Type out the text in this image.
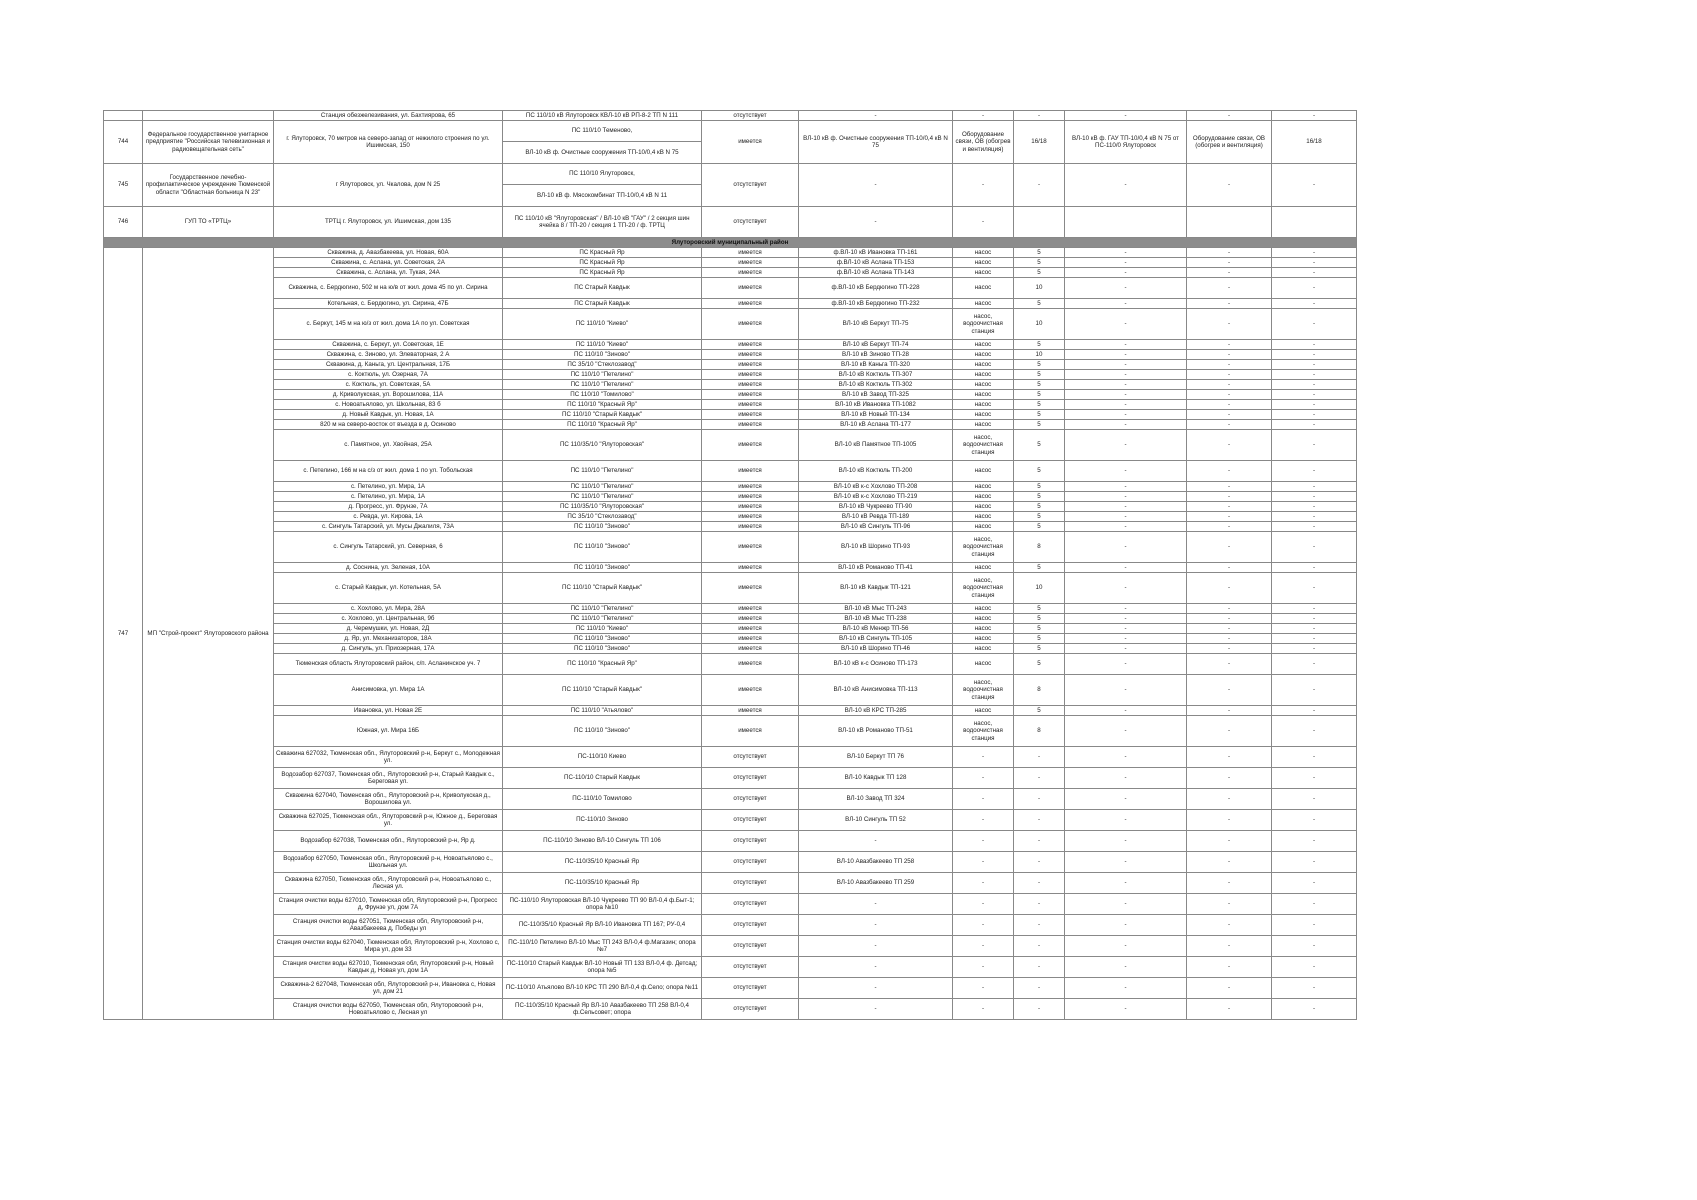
		Станция обезжелезивания, ул. Бахтиярова, 65	ПС 110/10 кВ Ялуторовск КВЛ-10 кВ РП-8-2 ТП N 111	отсутствует	-	-	-	-	-	-
744	Федеральное государственное унитарное предприятие "Российская телевизионная и радиовещательная сеть"	г. Ялуторовск, 70 метров на северо-запад от нежилого строения по ул. Ишимская, 150	ПС 110/10 Теменово,	имеется	ВЛ-10 кВ ф. Очистные сооружения ТП-10/0,4 кВ N 75	Оборудование связи, ОВ (обогрев и вентиляция)	16/18	ВЛ-10 кВ ф. ГАУ ТП-10/0,4 кВ N 75 от ПС-110/0 Ялуторовск	Оборудование связи, ОВ (обогрев и вентиляция)	16/18
			ВЛ-10 кВ ф. Очистные сооружения ТП-10/0,4 кВ N 75							
745	Государственное лечебно-профилактическое учреждение Тюменской области "Областная больница N 23"	г Ялуторовск, ул. Чкалова, дом N 25	ПС 110/10 Ялуторовск,	отсутствует	-	-	-	-	-	-
			ВЛ-10 кВ ф. Мясокомбинат ТП-10/0,4 кВ N 11							
746	ГУП ТО «ТРТЦ»	ТРТЦ г. Ялуторовск, ул. Ишимская, дом 135	ПС 110/10 кВ "Ялуторовская" / ВЛ-10 кВ "ГАУ" / 2 секция шин ячейка 8 / ТП-20 / секция 1 ТП-20 / ф. ТРТЦ	отсутствует	-	-				
Ялуторовский муниципальный район										
747	МП "Строй-проект" Ялуторовского района	Скважина, д. Авазбакеева, ул. Новая, 60А	ПС Красный Яр	имеется	ф.ВЛ-10 кВ Ивановка ТП-161	насос	5	-	-	-
		Скважина, с. Аслана, ул. Советская, 2А	ПС Красный Яр	имеется	ф.ВЛ-10 кВ Аслана ТП-153	насос	5	-	-	-
		Скважина, с. Аслана, ул. Тукая, 24А	ПС Красный Яр	имеется	ф.ВЛ-10 кВ Аслана ТП-143	насос	5	-	-	-
		Скважина, с. Бердюгино, 502 м на ю/в от жил. дома 45 по ул. Сирина	ПС Старый Кавдык	имеется	ф.ВЛ-10 кВ Бердюгино ТП-228	насос	10	-	-	-
		Котельная, с. Бердюгино, ул. Сирина, 47Б	ПС Старый Кавдык	имеется	ф.ВЛ-10 кВ Бердюгино ТП-232	насос	5	-	-	-
		с. Беркут, 145 м на ю/з от жил. дома 1А по ул. Советская	ПС 110/10 "Киево"	имеется	ВЛ-10 кВ Беркут ТП-75	насос, водоочистная станция	10	-	-	-
		Скважина, с. Беркут, ул. Советская, 1Е	ПС 110/10 "Киево"	имеется	ВЛ-10 кВ Беркут ТП-74	насос	5	-	-	-
		Скважина, с. Зиново, ул. Элеваторная, 2 А	ПС 110/10 "Зиново"	имеется	ВЛ-10 кВ Зиново ТП-28	насос	10	-	-	-
		Скважина, д. Каньга, ул. Центральная, 17Б	ПС 35/10 "Стеклозавод"	имеется	ВЛ-10 кВ Каньга ТП-320	насос	5	-	-	-
		с. Коктюль, ул. Озерная, 7А	ПС 110/10 "Петелино"	имеется	ВЛ-10 кВ Коктюль ТП-307	насос	5	-	-	-
		с. Коктюль, ул. Советская, 5А	ПС 110/10 "Петелино"	имеется	ВЛ-10 кВ Коктюль ТП-302	насос	5	-	-	-
		д. Криволукская, ул. Ворошилова, 11А	ПС 110/10 "Томилово"	имеется	ВЛ-10 кВ Завод ТП-325	насос	5	-	-	-
		с. Новоатьялово, ул. Школьная, 83 б	ПС 110/10 "Красный Яр"	имеется	ВЛ-10 кВ Ивановка ТП-1082	насос	5	-	-	-
		д. Новый Кавдык, ул. Новая, 1А	ПС 110/10 "Старый Кавдык"	имеется	ВЛ-10 кВ Новый ТП-134	насос	5	-	-	-
		820 м на северо-восток от въезда в д. Осиново	ПС 110/10 "Красный Яр"	имеется	ВЛ-10 кВ Аслана ТП-177	насос	5	-	-	-
		с. Памятное, ул. Хвойная, 25А	ПС 110/35/10 "Ялуторовская"	имеется	ВЛ-10 кВ Памятное ТП-1005	насос, водоочистная станция	5	-	-	-
		с. Петелино, 166 м на с/з от жил. дома 1 по ул. Тобольская	ПС 110/10 "Петелино"	имеется	ВЛ-10 кВ Коктюль ТП-200	насос	5	-	-	-
		с. Петелино, ул. Мира, 1А	ПС 110/10 "Петелино"	имеется	ВЛ-10 кВ к-с Хохлово ТП-208	насос	5	-	-	-
		с. Петелино, ул. Мира, 1А	ПС 110/10 "Петелино"	имеется	ВЛ-10 кВ к-с Хохлово ТП-219	насос	5	-	-	-
		д. Прогресс, ул. Фрунзе, 7А	ПС 110/35/10 "Ялуторовская"	имеется	ВЛ-10 кВ Чукреево ТП-90	насос	5	-	-	-
		с. Ревда, ул. Кирова, 1А	ПС 35/10 "Стеклозавод"	имеется	ВЛ-10 кВ Ревда ТП-189	насос	5	-	-	-
		с. Сингуль Татарский, ул. Мусы Джалиля, 73А	ПС 110/10 "Зиново"	имеется	ВЛ-10 кВ Сингуль ТП-96	насос	5	-	-	-
		с. Сингуль Татарский, ул. Северная, 6	ПС 110/10 "Зиново"	имеется	ВЛ-10 кВ Шорино ТП-93	насос, водоочистная станция	8	-	-	-
		д. Соснина, ул. Зеленая, 10А	ПС 110/10 "Зиново"	имеется	ВЛ-10 кВ Романово ТП-41	насос	5	-	-	-
		с. Старый Кавдык, ул. Котельная, 5А	ПС 110/10 "Старый Кавдык"	имеется	ВЛ-10 кВ Кавдык ТП-121	насос, водоочистная станция	10	-	-	-
		с. Хохлово, ул. Мира, 28А	ПС 110/10 "Петелино"	имеется	ВЛ-10 кВ Мыс ТП-243	насос	5	-	-	-
		с. Хохлово, ул. Центральная, 9б	ПС 110/10 "Петелино"	имеется	ВЛ-10 кВ Мыс ТП-238	насос	5	-	-	-
		д. Черемушки, ул. Новая, 2Д	ПС 110/10 "Киево"	имеется	ВЛ-10 кВ Менжр ТП-56	насос	5	-	-	-
		д. Яр, ул. Механизаторов, 18А	ПС 110/10 "Зиново"	имеется	ВЛ-10 кВ Сингуль ТП-105	насос	5	-	-	-
		д. Сингуль, ул. Приозерная, 17А	ПС 110/10 "Зиново"	имеется	ВЛ-10 кВ Шорино ТП-46	насос	5	-	-	-
		Тюменская область Ялуторовский район, с/п. Асланинское уч. 7	ПС 110/10 "Красный Яр"	имеется	ВЛ-10 кВ к-с Осиново ТП-173	насос	5	-	-	-
		Анисимовка, ул. Мира 1А	ПС 110/10 "Старый Кавдык"	имеется	ВЛ-10 кВ Анисимовка ТП-113	насос, водоочистная станция	8	-	-	-
		Ивановка, ул. Новая 2Е	ПС 110/10 "Атьялово"	имеется	ВЛ-10 кВ КРС ТП-285	насос	5	-	-	-
		Южная, ул. Мира 16Б	ПС 110/10 "Зиново"	имеется	ВЛ-10 кВ Романово ТП-51	насос, водоочистная станция	8	-	-	-
		Скважина 627032, Тюменская обл., Ялуторовский р-н, Беркут с., Молодежная ул.	ПС-110/10 Киево	отсутствует	ВЛ-10 Беркут ТП 76	-	-	-	-	-
		Водозабор 627037, Тюменская обл., Ялуторовский р-н, Старый Кавдык с., Береговая ул.	ПС-110/10 Старый Кавдык	отсутствует	ВЛ-10 Кавдык ТП 128	-	-	-	-	-
		Скважина 627040, Тюменская обл., Ялуторовский р-н, Криволукская д., Ворошилова ул.	ПС-110/10 Томилово	отсутствует	ВЛ-10 Завод ТП 324	-	-	-	-	-
		Скважина 627025, Тюменская обл., Ялуторовский р-н, Южное д., Береговая ул.	ПС-110/10 Зиново	отсутствует	ВЛ-10 Сингуль ТП 52	-	-	-	-	-
		Водозабор 627038, Тюменская обл., Ялуторовский р-н, Яр д.	ПС-110/10 Зиново ВЛ-10 Сингуль ТП 106	отсутствует	-	-	-	-	-	-
		Водозабор 627050, Тюменская обл., Ялуторовский р-н, Новоатьялово с., Школьная ул.	ПС-110/35/10 Красный Яр	отсутствует	ВЛ-10 Авазбакеево ТП 258	-	-	-	-	-
		Скважина 627050, Тюменская обл., Ялуторовский р-н, Новоатьялово с., Лесная ул.	ПС-110/35/10 Красный Яр	отсутствует	ВЛ-10 Авазбакеево ТП 259	-	-	-	-	-
		Станция очистки воды 627010, Тюменская обл, Ялуторовский р-н, Прогресс д, Фрунзе ул, дом 7А	ПС-110/10 Ялуторовская ВЛ-10 Чукреево ТП 90 ВЛ-0,4 ф.Быт-1; опора №10	отсутствует	-	-	-	-	-	-
		Станция очистки воды 627051, Тюменская обл, Ялуторовский р-н, Авазбакеева д, Победы ул	ПС-110/35/10 Красный Яр ВЛ-10 Ивановка ТП 167; РУ-0,4	отсутствует	-	-	-	-	-	-
		Станция очистки воды 627040, Тюменская обл, Ялуторовский р-н, Хохлово с, Мира ул, дом 33	ПС-110/10 Петелино ВЛ-10 Мыс ТП 243 ВЛ-0,4 ф.Магазин; опора №7	отсутствует	-	-	-	-	-	-
		Станция очистки воды 627010, Тюменская обл, Ялуторовский р-н, Новый Кавдык д, Новая ул, дом 1А	ПС-110/10 Старый Кавдык ВЛ-10 Новый ТП 133 ВЛ-0,4 ф. Детсад; опора №5	отсутствует	-	-	-	-	-	-
		Скважина-2 627048, Тюменская обл, Ялуторовский р-н, Ивановка с, Новая ул, дом 21	ПС-110/10 Атьялово ВЛ-10 КРС ТП 290 ВЛ-0,4 ф.Село; опора №11	отсутствует	-	-	-	-	-	-
		Станция очистки воды 627050, Тюменская обл, Ялуторовский р-н, Новоатьялово с, Лесная ул	ПС-110/35/10 Красный Яр ВЛ-10 Авазбакеево ТП 258 ВЛ-0,4 ф.Сельсовет; опора	отсутствует	-	-	-	-	-	-
